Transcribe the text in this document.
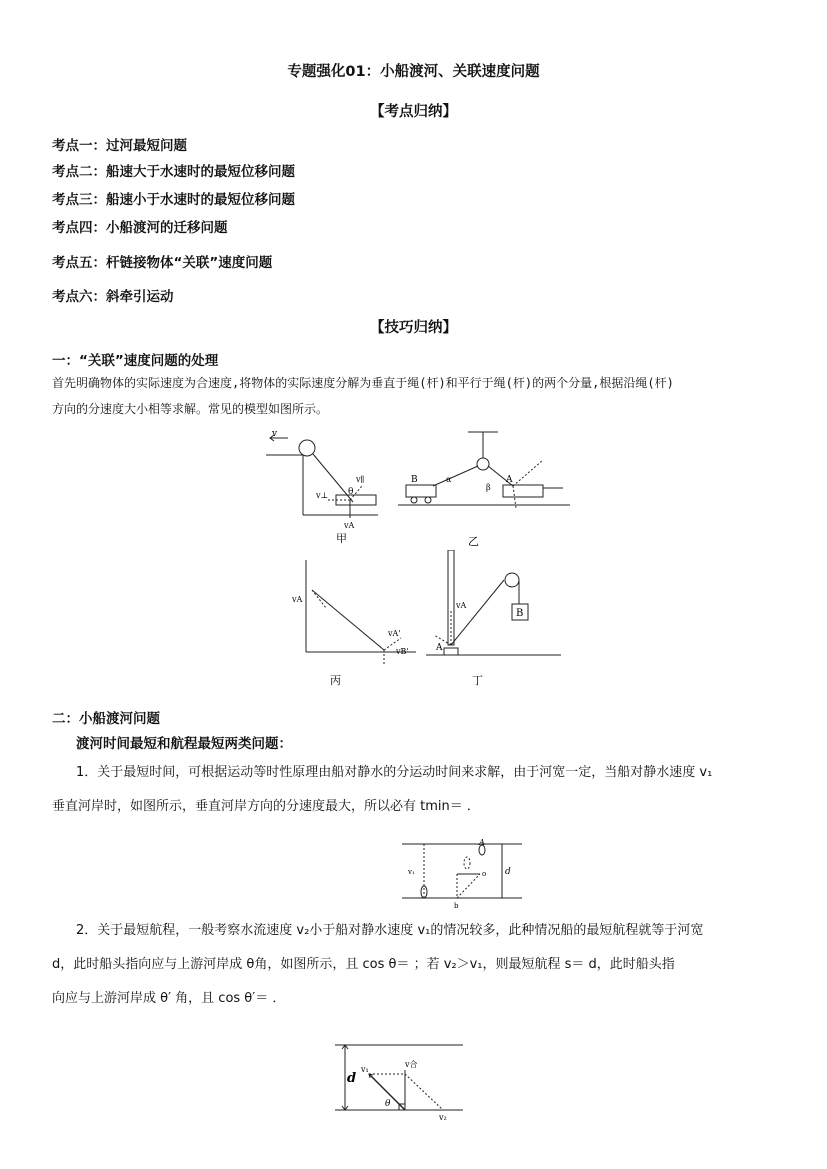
专题强化01：小船渡河、关联速度问题
【考点归纳】
考点一：过河最短问题
考点二：船速大于水速时的最短位移问题
考点三：船速小于水速时的最短位移问题
考点四：小船渡河的迁移问题
考点五：杆链接物体“关联”速度问题
考点六：斜牵引运动
【技巧归纳】
一：“关联”速度问题的处理
首先明确物体的实际速度为合速度,将物体的实际速度分解为垂直于绳(杆)和平行于绳(杆)的两个分量,根据沿绳(杆)
方向的分速度大小相等求解。常见的模型如图所示。
v
θ
v∥
v⊥
vA
甲
B	A
α
β
乙
vA
vA'
vB'
丙
B
A
vA
丁
二：小船渡河问题
渡河时间最短和航程最短两类问题：
1．关于最短时间，可根据运动等时性原理由船对静水的分运动时间来求解，由于河宽一定，当船对静水速度 v₁
垂直河岸时，如图所示，垂直河岸方向的分速度最大，所以必有 tmin＝ ．
A
d
o
b
v₁
2．关于最短航程，一般考察水流速度 v₂小于船对静水速度 v₁的情况较多，此种情况船的最短航程就等于河宽
d，此时船头指向应与上游河岸成 θ角，如图所示，且 cos θ＝ ；若 v₂＞v₁，则最短航程 s＝ d，此时船头指
向应与上游河岸成 θ′ 角，且 cos θ′＝ ．
d
v₁
v合
θ
v₂
